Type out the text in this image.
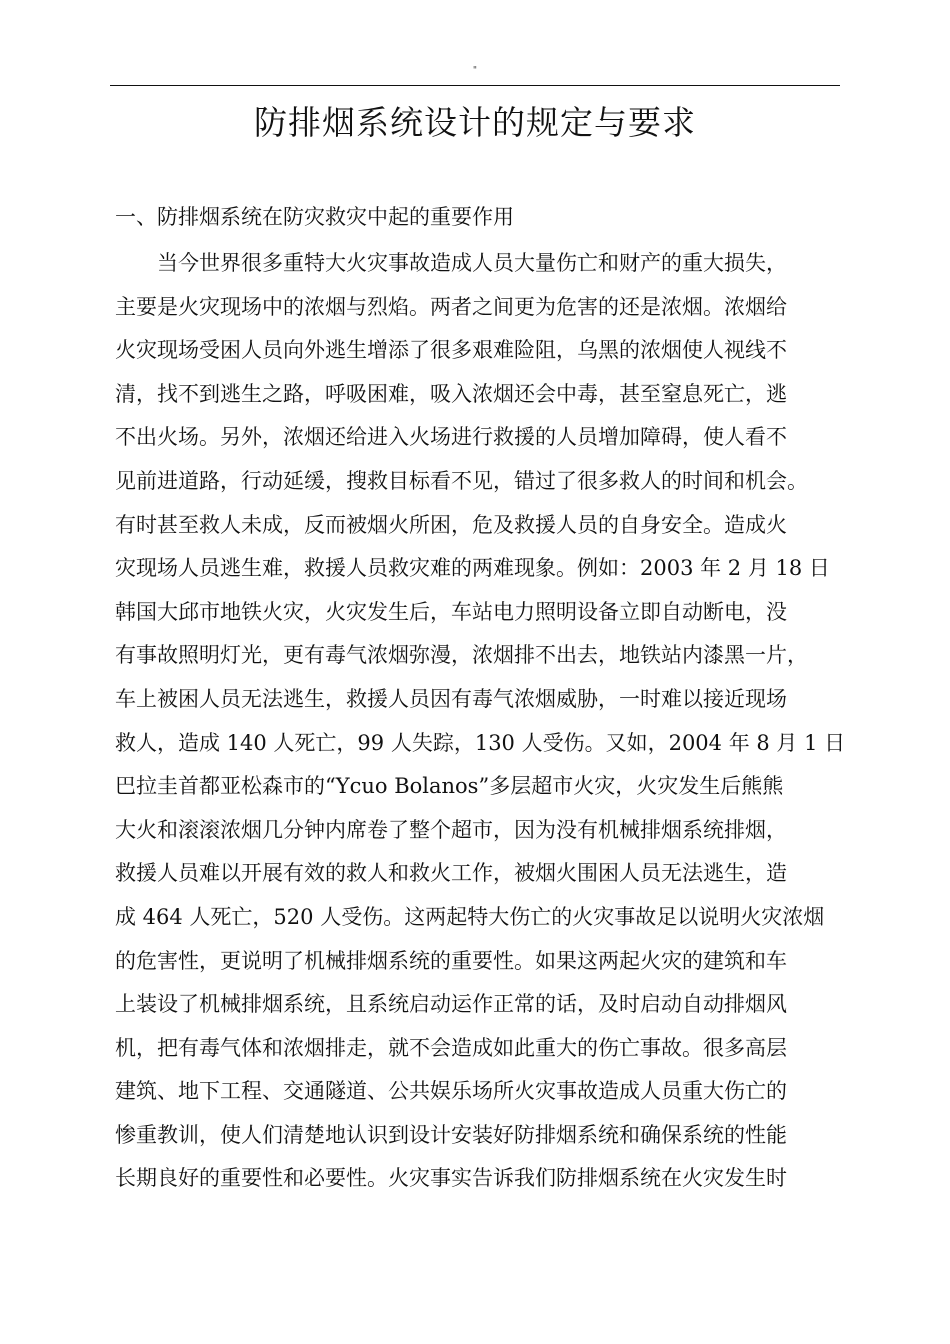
"
防排烟系统设计的规定与要求
一、防排烟系统在防灾救灾中起的重要作用
　　当今世界很多重特大火灾事故造成人员大量伤亡和财产的重大损失，
主要是火灾现场中的浓烟与烈焰。两者之间更为危害的还是浓烟。浓烟给
火灾现场受困人员向外逃生增添了很多艰难险阻，乌黑的浓烟使人视线不
清，找不到逃生之路，呼吸困难，吸入浓烟还会中毒，甚至窒息死亡，逃
不出火场。另外，浓烟还给进入火场进行救援的人员增加障碍，使人看不
见前进道路，行动延缓，搜救目标看不见，错过了很多救人的时间和机会。
有时甚至救人未成，反而被烟火所困，危及救援人员的自身安全。造成火
灾现场人员逃生难，救援人员救灾难的两难现象。例如：2003 年 2 月 18 日
韩国大邱市地铁火灾，火灾发生后，车站电力照明设备立即自动断电，没
有事故照明灯光，更有毒气浓烟弥漫，浓烟排不出去，地铁站内漆黑一片，
车上被困人员无法逃生，救援人员因有毒气浓烟威胁，一时难以接近现场
救人，造成 140 人死亡，99 人失踪，130 人受伤。又如，2004 年 8 月 1 日
巴拉圭首都亚松森市的“Ycuo Bolanos”多层超市火灾，火灾发生后熊熊
大火和滚滚浓烟几分钟内席卷了整个超市，因为没有机械排烟系统排烟，
救援人员难以开展有效的救人和救火工作，被烟火围困人员无法逃生，造
成 464 人死亡，520 人受伤。这两起特大伤亡的火灾事故足以说明火灾浓烟
的危害性，更说明了机械排烟系统的重要性。如果这两起火灾的建筑和车
上装设了机械排烟系统，且系统启动运作正常的话，及时启动自动排烟风
机，把有毒气体和浓烟排走，就不会造成如此重大的伤亡事故。很多高层
建筑、地下工程、交通隧道、公共娱乐场所火灾事故造成人员重大伤亡的
惨重教训，使人们清楚地认识到设计安装好防排烟系统和确保系统的性能
长期良好的重要性和必要性。火灾事实告诉我们防排烟系统在火灾发生时
